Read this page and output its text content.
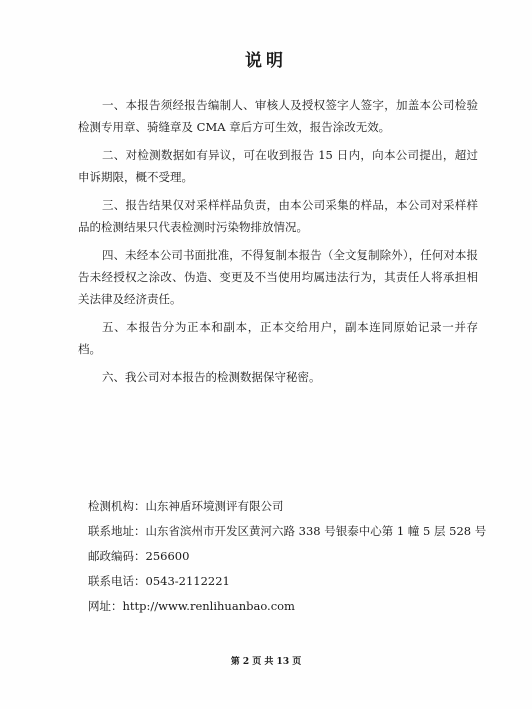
说明

一、本报告须经报告编制人、审核人及授权签字人签字，加盖本公司检验检测专用章、骑缝章及 CMA 章后方可生效，报告涂改无效。

二、对检测数据如有异议，可在收到报告 15 日内，向本公司提出，超过申诉期限，概不受理。

三、报告结果仅对采样样品负责，由本公司采集的样品，本公司对采样样品的检测结果只代表检测时污染物排放情况。

四、未经本公司书面批准，不得复制本报告（全文复制除外），任何对本报告未经授权之涂改、伪造、变更及不当使用均属违法行为，其责任人将承担相关法律及经济责任。

五、本报告分为正本和副本，正本交给用户，副本连同原始记录一并存档。

六、我公司对本报告的检测数据保守秘密。

检测机构：山东神盾环境测评有限公司
联系地址：山东省滨州市开发区黄河六路 338 号银泰中心第 1 幢 5 层 528 号
邮政编码：256600
联系电话：0543-2112221
网址：http://www.renlihuanbao.com
第 2 页 共 13 页
